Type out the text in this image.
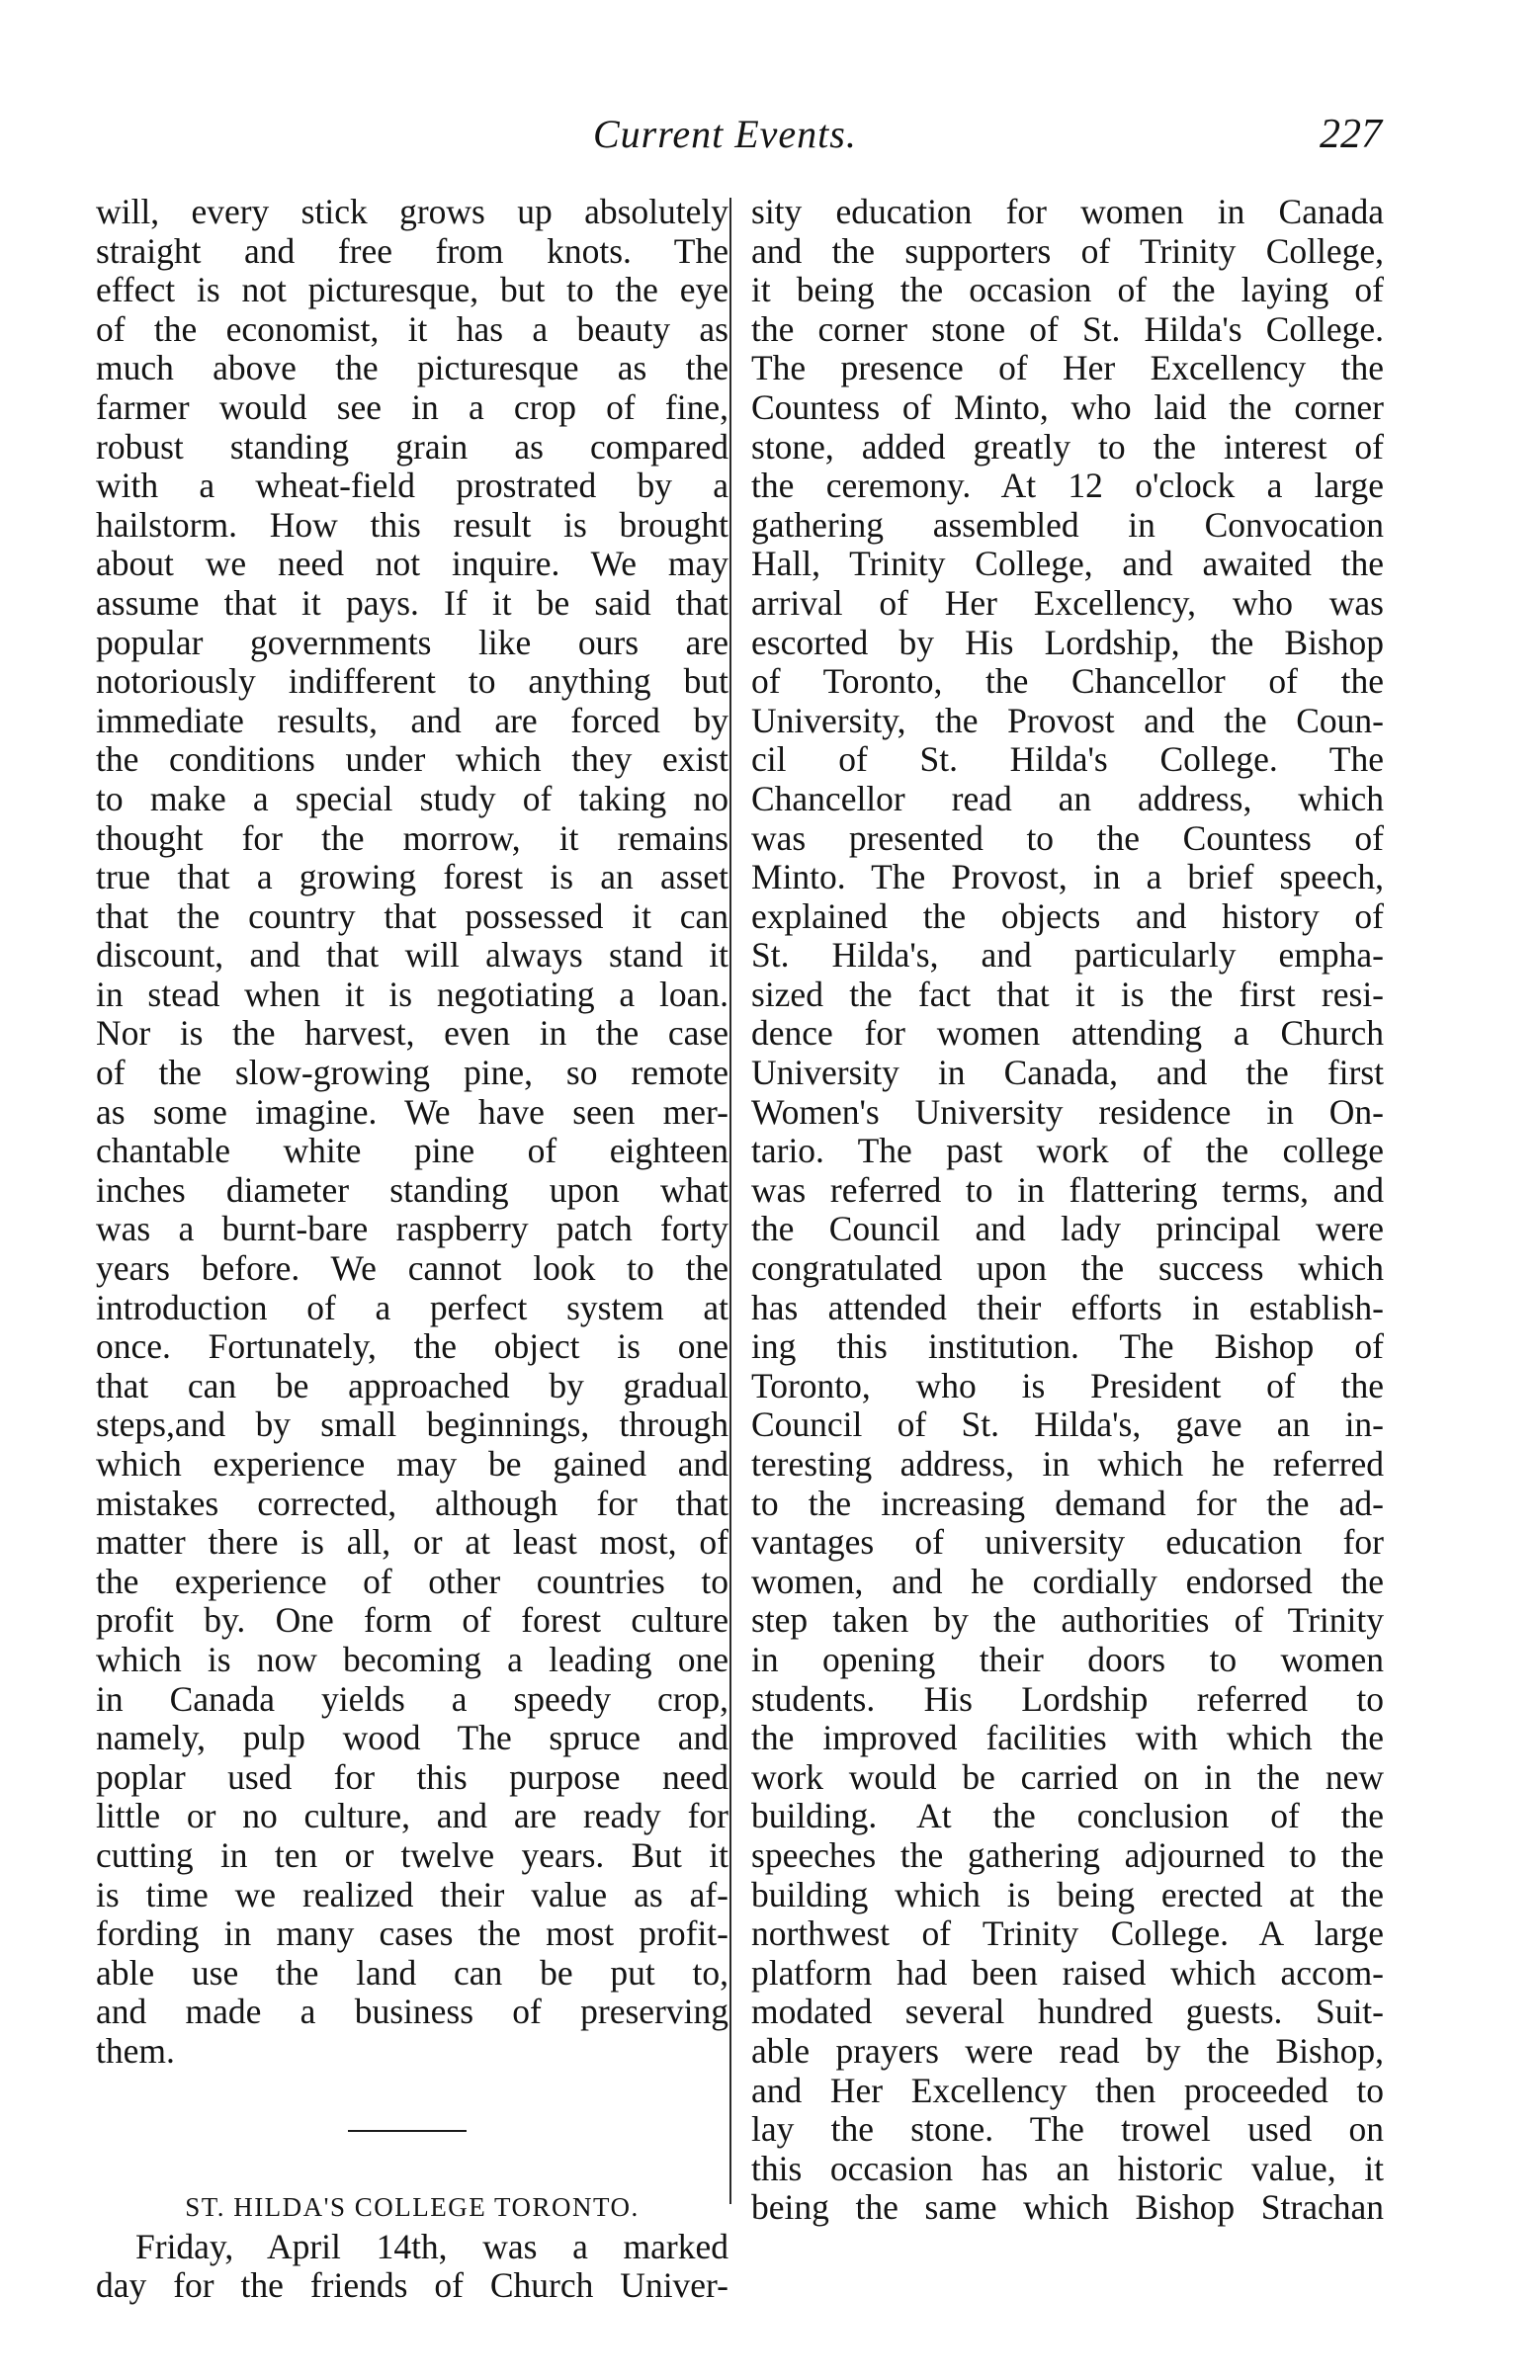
Current Events.	227
will, every stick grows up absolutely
straight and free from knots. The
effect is not picturesque, but to the eye
of the economist, it has a beauty as
much above the picturesque as the
farmer would see in a crop of fine,
robust standing grain as compared
with a wheat-field prostrated by a
hailstorm. How this result is brought
about we need not inquire. We may
assume that it pays. If it be said that
popular governments like ours are
notoriously indifferent to anything but
immediate results, and are forced by
the conditions under which they exist
to make a special study of taking no
thought for the morrow, it remains
true that a growing forest is an asset
that the country that possessed it can
discount, and that will always stand it
in stead when it is negotiating a loan.
Nor is the harvest, even in the case
of the slow-growing pine, so remote
as some imagine. We have seen mer-
chantable white pine of eighteen
inches diameter standing upon what
was a burnt-bare raspberry patch forty
years before. We cannot look to the
introduction of a perfect system at
once. Fortunately, the object is one
that can be approached by gradual
steps,and by small beginnings, through
which experience may be gained and
mistakes corrected, although for that
matter there is all, or at least most, of
the experience of other countries to
profit by. One form of forest culture
which is now becoming a leading one
in Canada yields a speedy crop,
namely, pulp wood The spruce and
poplar used for this purpose need
little or no culture, and are ready for
cutting in ten or twelve years. But it
is time we realized their value as af-
fording in many cases the most profit-
able use the land can be put to,
and made a business of preserving
them.
ST. HILDA'S COLLEGE TORONTO.
Friday, April 14th, was a marked
day for the friends of Church Univer-
sity education for women in Canada
and the supporters of Trinity College,
it being the occasion of the laying of
the corner stone of St. Hilda's College.
The presence of Her Excellency the
Countess of Minto, who laid the corner
stone, added greatly to the interest of
the ceremony. At 12 o'clock a large
gathering assembled in Convocation
Hall, Trinity College, and awaited the
arrival of Her Excellency, who was
escorted by His Lordship, the Bishop
of Toronto, the Chancellor of the
University, the Provost and the Coun-
cil of St. Hilda's College. The
Chancellor read an address, which
was presented to the Countess of
Minto. The Provost, in a brief speech,
explained the objects and history of
St. Hilda's, and particularly empha-
sized the fact that it is the first resi-
dence for women attending a Church
University in Canada, and the first
Women's University residence in On-
tario. The past work of the college
was referred to in flattering terms, and
the Council and lady principal were
congratulated upon the success which
has attended their efforts in establish-
ing this institution. The Bishop of
Toronto, who is President of the
Council of St. Hilda's, gave an in-
teresting address, in which he referred
to the increasing demand for the ad-
vantages of university education for
women, and he cordially endorsed the
step taken by the authorities of Trinity
in opening their doors to women
students. His Lordship referred to
the improved facilities with which the
work would be carried on in the new
building. At the conclusion of the
speeches the gathering adjourned to the
building which is being erected at the
northwest of Trinity College. A large
platform had been raised which accom-
modated several hundred guests. Suit-
able prayers were read by the Bishop,
and Her Excellency then proceeded to
lay the stone. The trowel used on
this occasion has an historic value, it
being the same which Bishop Strachan
